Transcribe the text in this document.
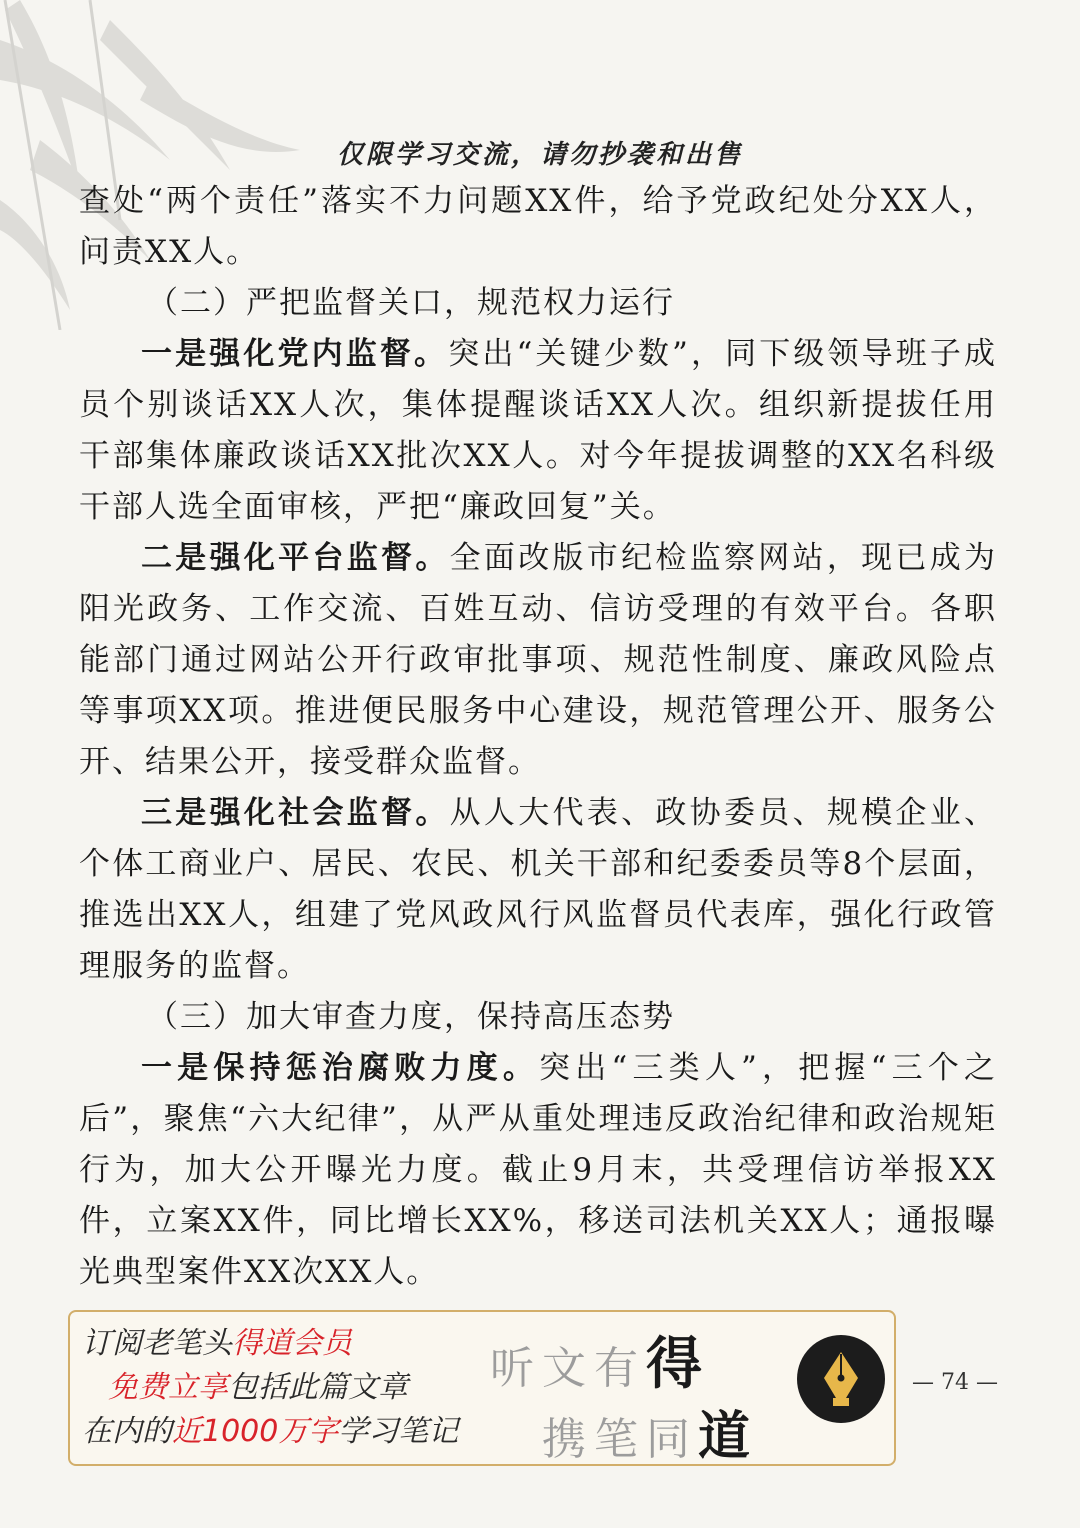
仅限学习交流，请勿抄袭和出售

查处“两个责任”落实不力问题XX件，给予党政纪处分XX人，问责XX人。

（二）严把监督关口，规范权力运行

一是强化党内监督。突出“关键少数”，同下级领导班子成员个别谈话XX人次，集体提醒谈话XX人次。组织新提拔任用干部集体廉政谈话XX批次XX人。对今年提拔调整的XX名科级干部人选全面审核，严把“廉政回复”关。

二是强化平台监督。全面改版市纪检监察网站，现已成为阳光政务、工作交流、百姓互动、信访受理的有效平台。各职能部门通过网站公开行政审批事项、规范性制度、廉政风险点等事项XX项。推进便民服务中心建设，规范管理公开、服务公开、结果公开，接受群众监督。

三是强化社会监督。从人大代表、政协委员、规模企业、个体工商业户、居民、农民、机关干部和纪委委员等8个层面，推选出XX人，组建了党风政风行风监督员代表库，强化行政管理服务的监督。

（三）加大审查力度，保持高压态势

一是保持惩治腐败力度。突出“三类人”，把握“三个之后”，聚焦“六大纪律”，从严从重处理违反政治纪律和政治规矩行为，加大公开曝光力度。截止9月末，共受理信访举报XX件，立案XX件，同比增长XX%，移送司法机关XX人；通报曝光典型案件XX次XX人。

订阅老笔头得道会员
免费立享包括此篇文章
在内的近1000万字学习笔记
听文有得
携笔同道
— 74 —
